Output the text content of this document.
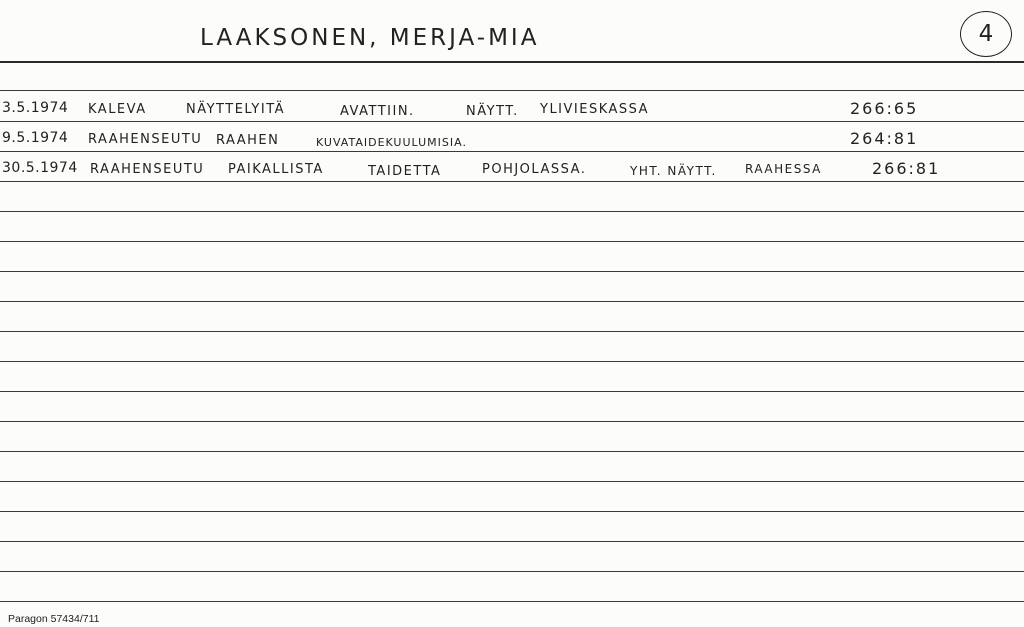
LAAKSONEN, MERJA-MIA	4
3.5.1974 KALEVA	NÄYTTELYITÄ	AVATTIIN.	NÄYTT. YLIVIESKASSA	266:65
9.5.1974 RAAHENSEUTU RAAHEN	KUVATAIDEKUULUMISIA.	264:81
30.5.1974 RAAHENSEUTU PAIKALLISTA	TAIDETTA	POHJOLASSA.	YHT. NÄYTT. RAAHESSA	266:81
Paragon 57434/711
